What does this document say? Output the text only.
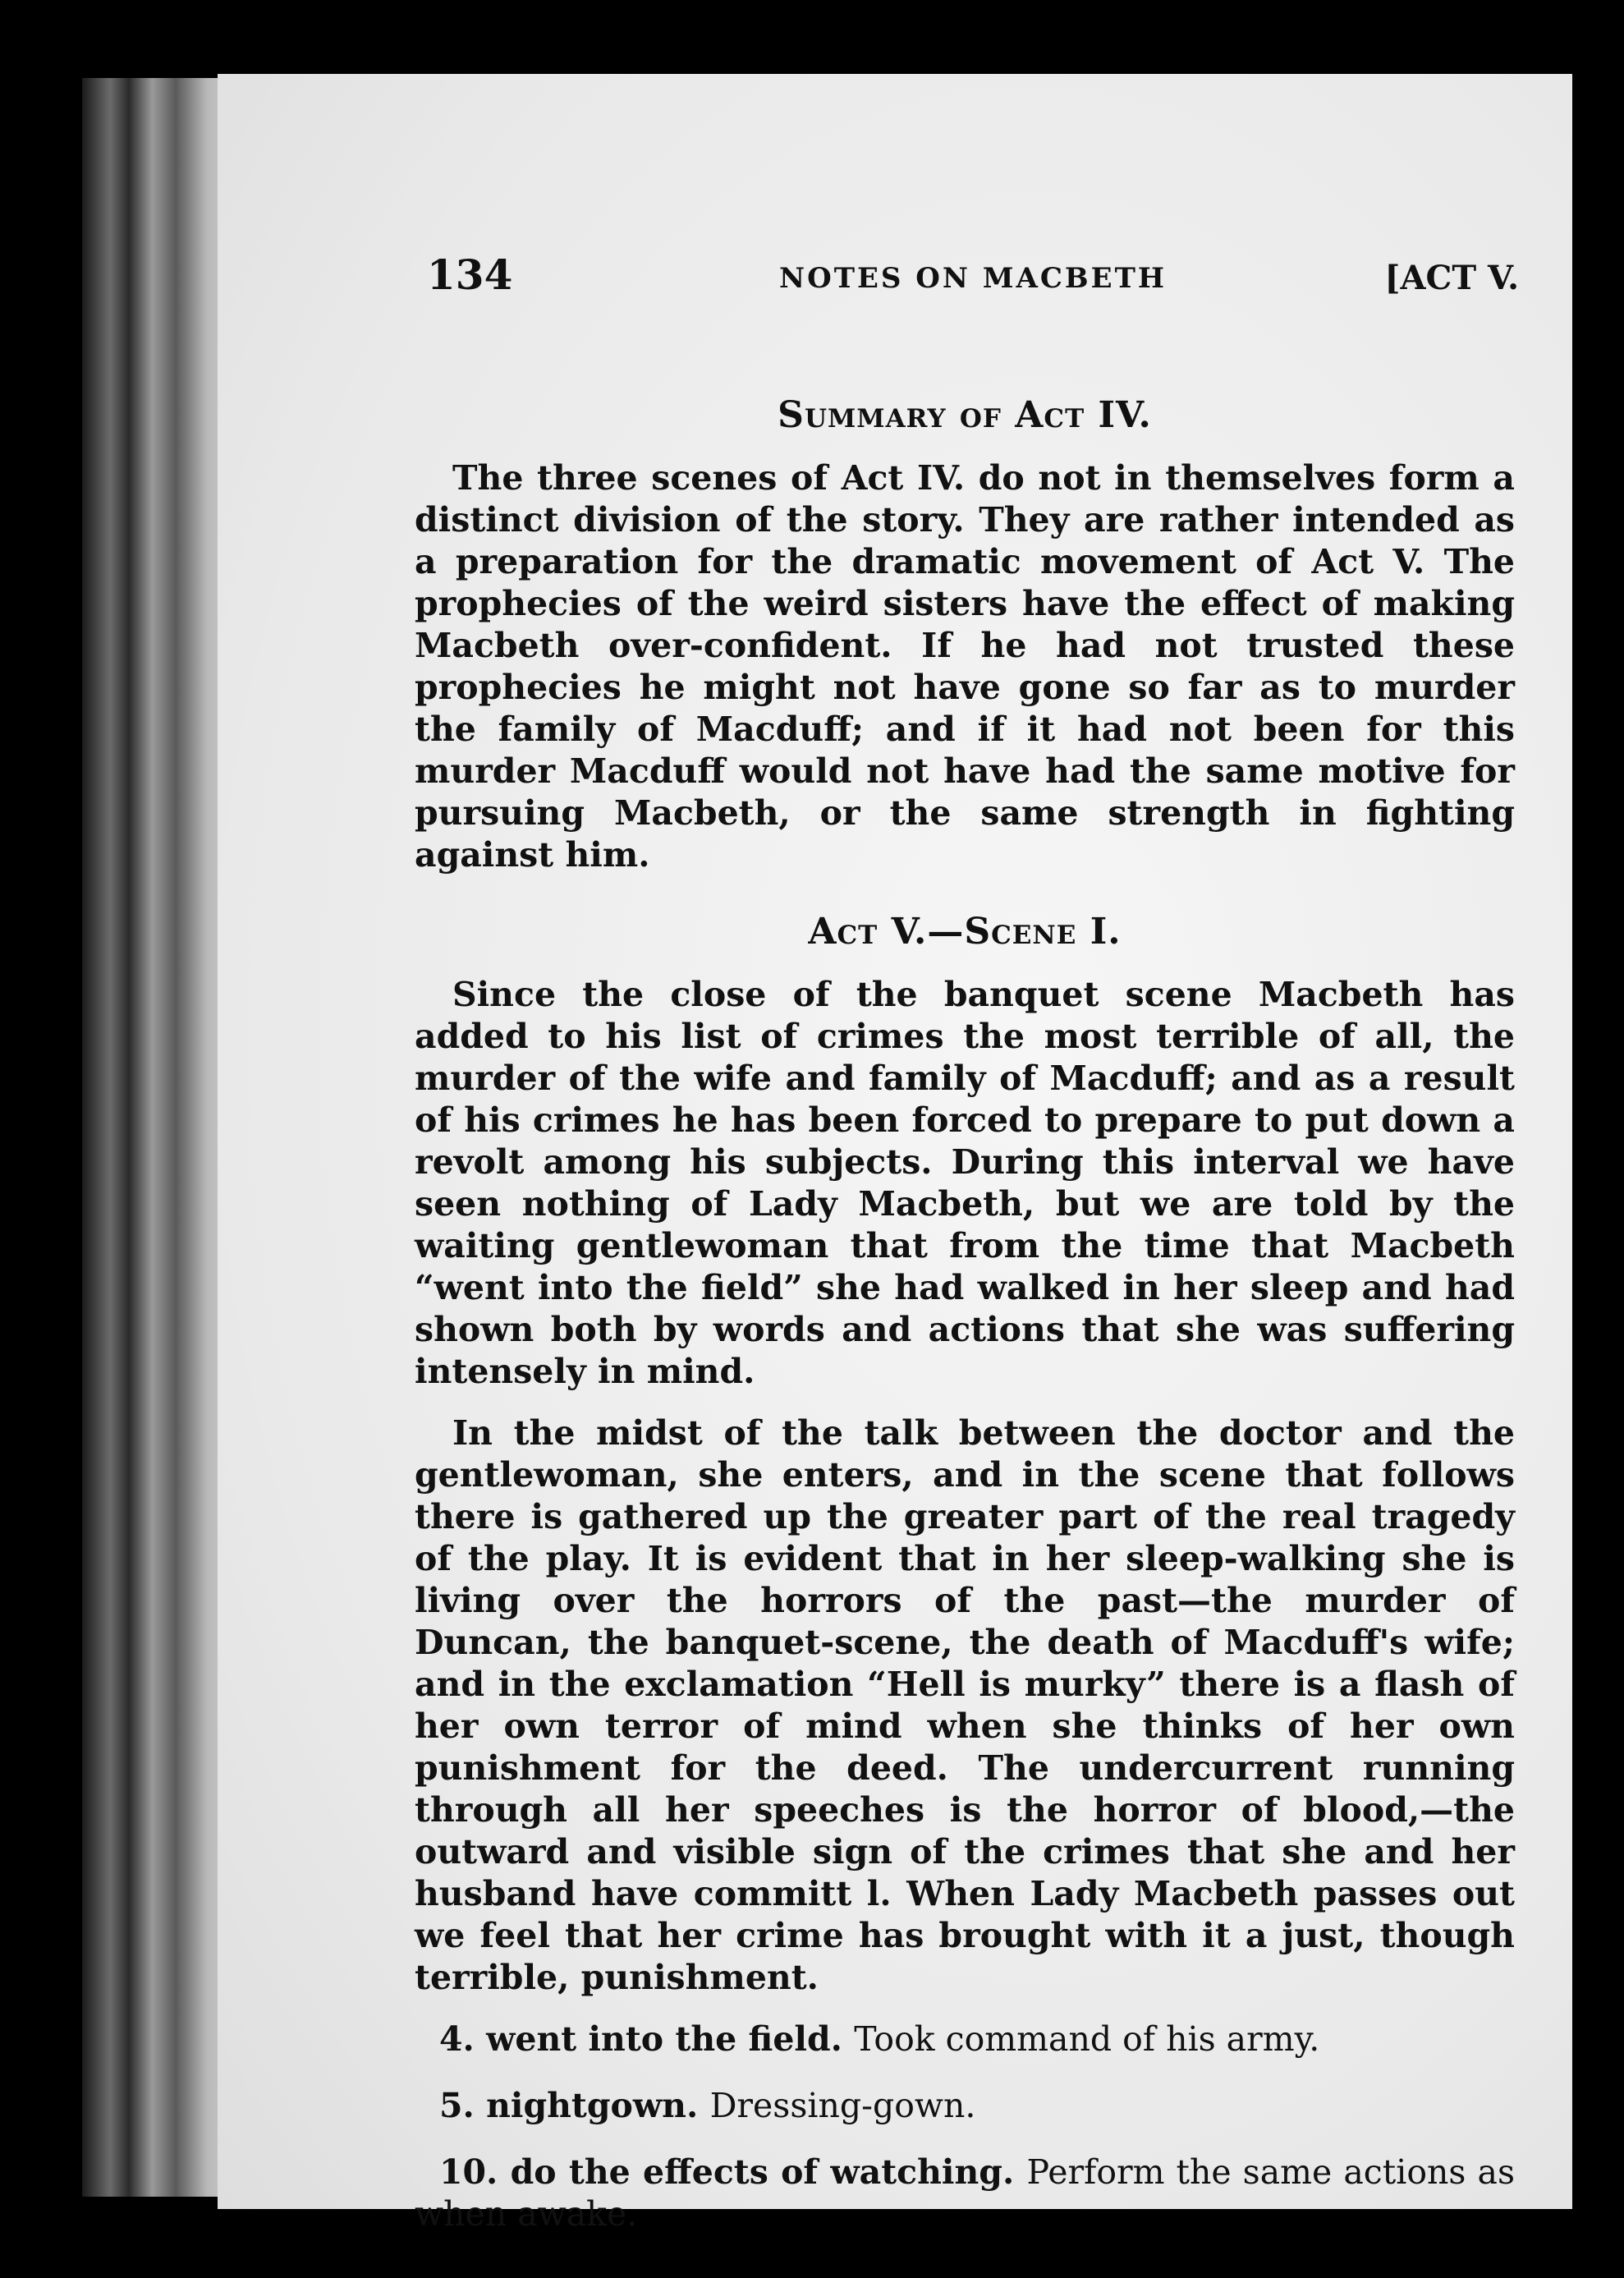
134	NOTES ON MACBETH	[ACT V.
Summary of Act IV.

The three scenes of Act IV. do not in themselves form a distinct division of the story. They are rather intended as a preparation for the dramatic movement of Act V. The prophecies of the weird sisters have the effect of making Macbeth over-confident. If he had not trusted these prophecies he might not have gone so far as to murder the family of Macduff; and if it had not been for this murder Macduff would not have had the same motive for pursuing Macbeth, or the same strength in fighting against him.

Act V.—Scene I.

Since the close of the banquet scene Macbeth has added to his list of crimes the most terrible of all, the murder of the wife and family of Macduff; and as a result of his crimes he has been forced to prepare to put down a revolt among his subjects. During this interval we have seen nothing of Lady Macbeth, but we are told by the waiting gentlewoman that from the time that Macbeth “went into the field” she had walked in her sleep and had shown both by words and actions that she was suffering intensely in mind.

In the midst of the talk between the doctor and the gentlewoman, she enters, and in the scene that follows there is gathered up the greater part of the real tragedy of the play. It is evident that in her sleep-walking she is living over the horrors of the past—the murder of Duncan, the banquet-scene, the death of Macduff's wife; and in the exclamation “Hell is murky” there is a flash of her own terror of mind when she thinks of her own punishment for the deed. The undercurrent running through all her speeches is the horror of blood,—the outward and visible sign of the crimes that she and her husband have committ l. When Lady Macbeth passes out we feel that her crime has brought with it a just, though terrible, punishment.

4. went into the field. Took command of his army.

5. nightgown. Dressing-gown.

10. do the effects of watching. Perform the same actions as when awake.
